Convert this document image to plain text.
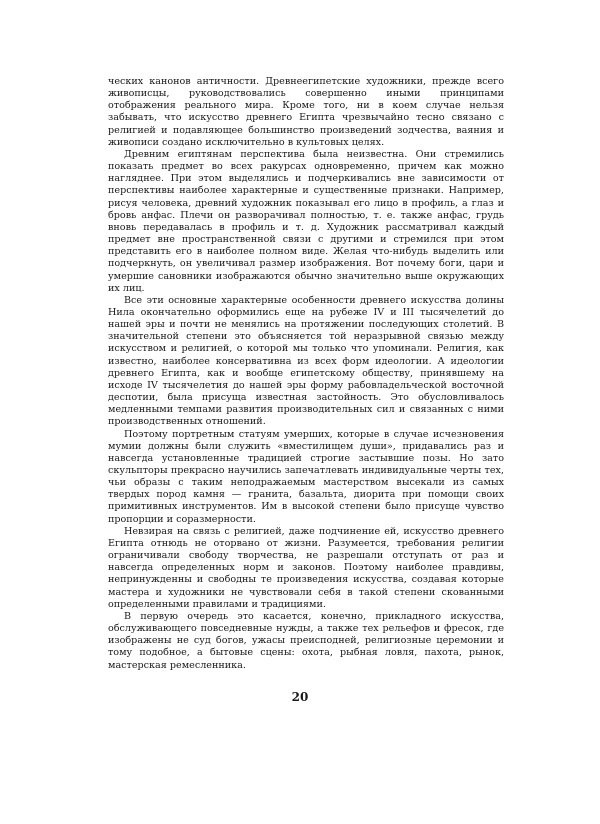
ческих канонов античности. Древнеегипетские художники, прежде всего живописцы, руководствовались совершенно иными принципами отображения реального мира. Кроме того, ни в коем случае нельзя забывать, что искусство древнего Египта чрезвычайно тесно связано с религией и подавляющее большинство произведений зодчества, ваяния и живописи создано исключительно в культовых целях.

Древним египтянам перспектива была неизвестна. Они стремились показать предмет во всех ракурсах одновременно, причем как можно нагляднее. При этом выделялись и подчеркивались вне зависимости от перспективы наиболее характерные и существенные признаки. Например, рисуя человека, древний художник показывал его лицо в профиль, а глаз и бровь анфас. Плечи он разворачивал полностью, т. е. также анфас, грудь вновь передавалась в профиль и т. д. Художник рассматривал каждый предмет вне пространственной связи с другими и стремился при этом представить его в наиболее полном виде. Желая что-нибудь выделить или подчеркнуть, он увеличивал размер изображения. Вот почему боги, цари и умершие сановники изображаются обычно значительно выше окружающих их лиц.

Все эти основные характерные особенности древнего искусства долины Нила окончательно оформились еще на рубеже IV и III тысячелетий до нашей эры и почти не менялись на протяжении последующих столетий. В значительной степени это объясняется той неразрывной связью между искусством и религией, о которой мы только что упоминали. Религия, как известно, наиболее консервативна из всех форм идеологии. А идеологии древнего Египта, как и вообще египетскому обществу, принявшему на исходе IV тысячелетия до нашей эры форму рабовладельческой восточной деспотии, была присуща известная застойность. Это обусловливалось медленными темпами развития производительных сил и связанных с ними производственных отношений.

Поэтому портретным статуям умерших, которые в случае исчезновения мумии должны были служить «вместилищем души», придавались раз и навсегда установленные традицией строгие застывшие позы. Но зато скульпторы прекрасно научились запечатлевать индивидуальные черты тех, чьи образы с таким неподражаемым мастерством высекали из самых твердых пород камня — гранита, базальта, диорита при помощи своих примитивных инструментов. Им в высокой степени было присуще чувство пропорции и соразмерности.

Невзирая на связь с религией, даже подчинение ей, искусство древнего Египта отнюдь не оторвано от жизни. Разумеется, требования религии ограничивали свободу творчества, не разрешали отступать от раз и навсегда определенных норм и законов. Поэтому наиболее правдивы, непринужденны и свободны те произведения искусства, создавая которые мастера и художники не чувствовали себя в такой степени скованными определенными правилами и традициями.

В первую очередь это касается, конечно, прикладного искусства, обслуживающего повседневные нужды, а также тех рельефов и фресок, где изображены не суд богов, ужасы преисподней, религиозные церемонии и тому подобное, а бытовые сцены: охота, рыбная ловля, пахота, рынок, мастерская ремесленника.

20
